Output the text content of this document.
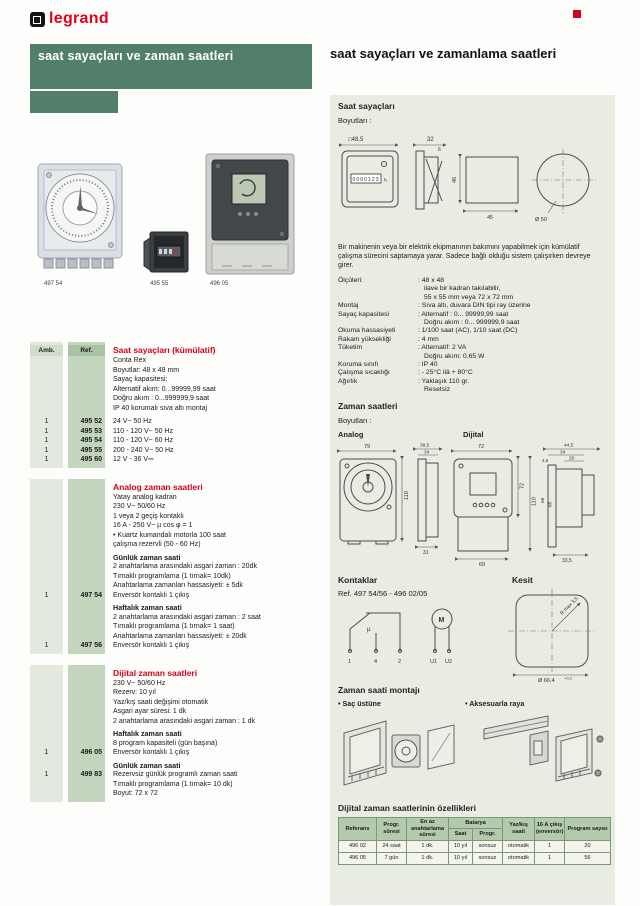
legrand
saat sayaçları ve zaman saatleri	saat sayaçları ve zamanlama saatleri
497 54	495 55	496 05
Amb.	Ref.	Saat sayaçları (kümülatif)
Conta Rex
Boyutlar: 48 x 48 mm
Sayaç kapasitesi:
Alternatif akım: 0...99999,99 saat
Doğru akım : 0...999999,9 saat
IP 40 korumalı sıva altı montaj
1	495 52	24 V~ 50 Hz
1	495 53	110 - 120 V~ 50 Hz
1	495 54	110 - 120 V~ 60 Hz
1	495 55	200 - 240 V~ 50 Hz
1	495 60	12 V - 36 V⎓
Analog zaman saatleri
Yatay analog kadran
230 V~ 50/60 Hz
1 veya 2 geçiş kontaklı
16 A - 250 V~ µ cos φ = 1
• Kuartz kumandalı motorla 100 saat
çalışma rezervli (50 - 60 Hz)
Günlük zaman saati
2 anahtarlama arasındaki asgari zaman : 20dk
Tırnaklı programlama (1 tırnak= 10dk)
Anahtarlama zamanları hassasiyeti: ± 5dk
1	497 54	Enversör kontaklı 1 çıkış
Haftalık zaman saati
2 anahtarlama arasındaki asgari zaman : 2 saat
Tırnaklı programlama (1 tırnak= 1 saat)
Anahtarlama zamanları hassasiyeti: ± 20dk
1	497 56	Enversör kontaklı 1 çıkış
Dijital zaman saatleri
230 V~ 50/60 Hz
Rezerv: 10 yıl
Yaz/kış saati değişimi otomatik
Asgari ayar süresi: 1 dk
2 anahtarlama arasındaki asgari zaman : 1 dk
Haftalık zaman saati
8 program kapasiteli (gün başına)
1	496 05	Enversör kontaklı 1 çıkış
Günlük zaman saati
1	499 83	Rezervsiz günlük programlı zaman saati
Tırnaklı programlama (1 tırnak= 10 dk)
Boyut: 72 x 72
Saat sayaçları
Boyutları :
□48,5
0000123 h
32
6
46
45	Ø 50
Bir makinenin veya bir elektrik ekipmanının bakımını yapabilmek için kümülatif çalışma sürecini saptamaya yarar. Sadece bağlı olduğu sistem çalışırken devreye girer.
Ölçüleri:	: 48 x 48
ilave bir kadran takılabilir,
55 x 55 mm veya 72 x 72 mm
Montaj	: Sıva altı, duvara DIN tipi ray üzerine
Sayaç kapasitesi	: Alternatif : 0... 99999,99 saat
Doğru akım : 0... 999999,9 saat
Okuma hassasiyeti	: 1/100 saat (AC), 1/10 saat (DC)
Rakam yüksekliği	: 4 mm
Tüketim	: Alternatif: 2 VA
Doğru akım: 0,65 W
Koruma sınıfı	: IP 40
Çalışma sıcaklığı	: - 25°C ilâ + 80°C
Ağırlık	: Yaklaşık 110 gr.
Resetsiz
Zaman saatleri
Boyutları :
Analog	Dijital
79
110
39,5
34
31
72
72
110
69
44,5
34
20
4,5
66
65
33,5
Kontaklar	Kesit
Ref. 497 54/56 - 496 02/05
µ
1	4	2
M
U1 U2
R max 3,5
Ø 66,4 +0,2
Zaman saati montajı
• Saç üstüne	• Aksesuarla raya
Dijital zaman saatlerinin özellikleri
Referans	Progr. süresi	En az anahtarlama süresi	Batarya		Yaz/kış saati	16 A çıkış (enversör)	Program sayısı
			Saat	Progr.			
496 02	24 saat	1 dk.	10 yıl	sonsuz	otomatik	1	20
496 05	7 gün	1 dk.	10 yıl	sonsuz	otomatik	1	56
